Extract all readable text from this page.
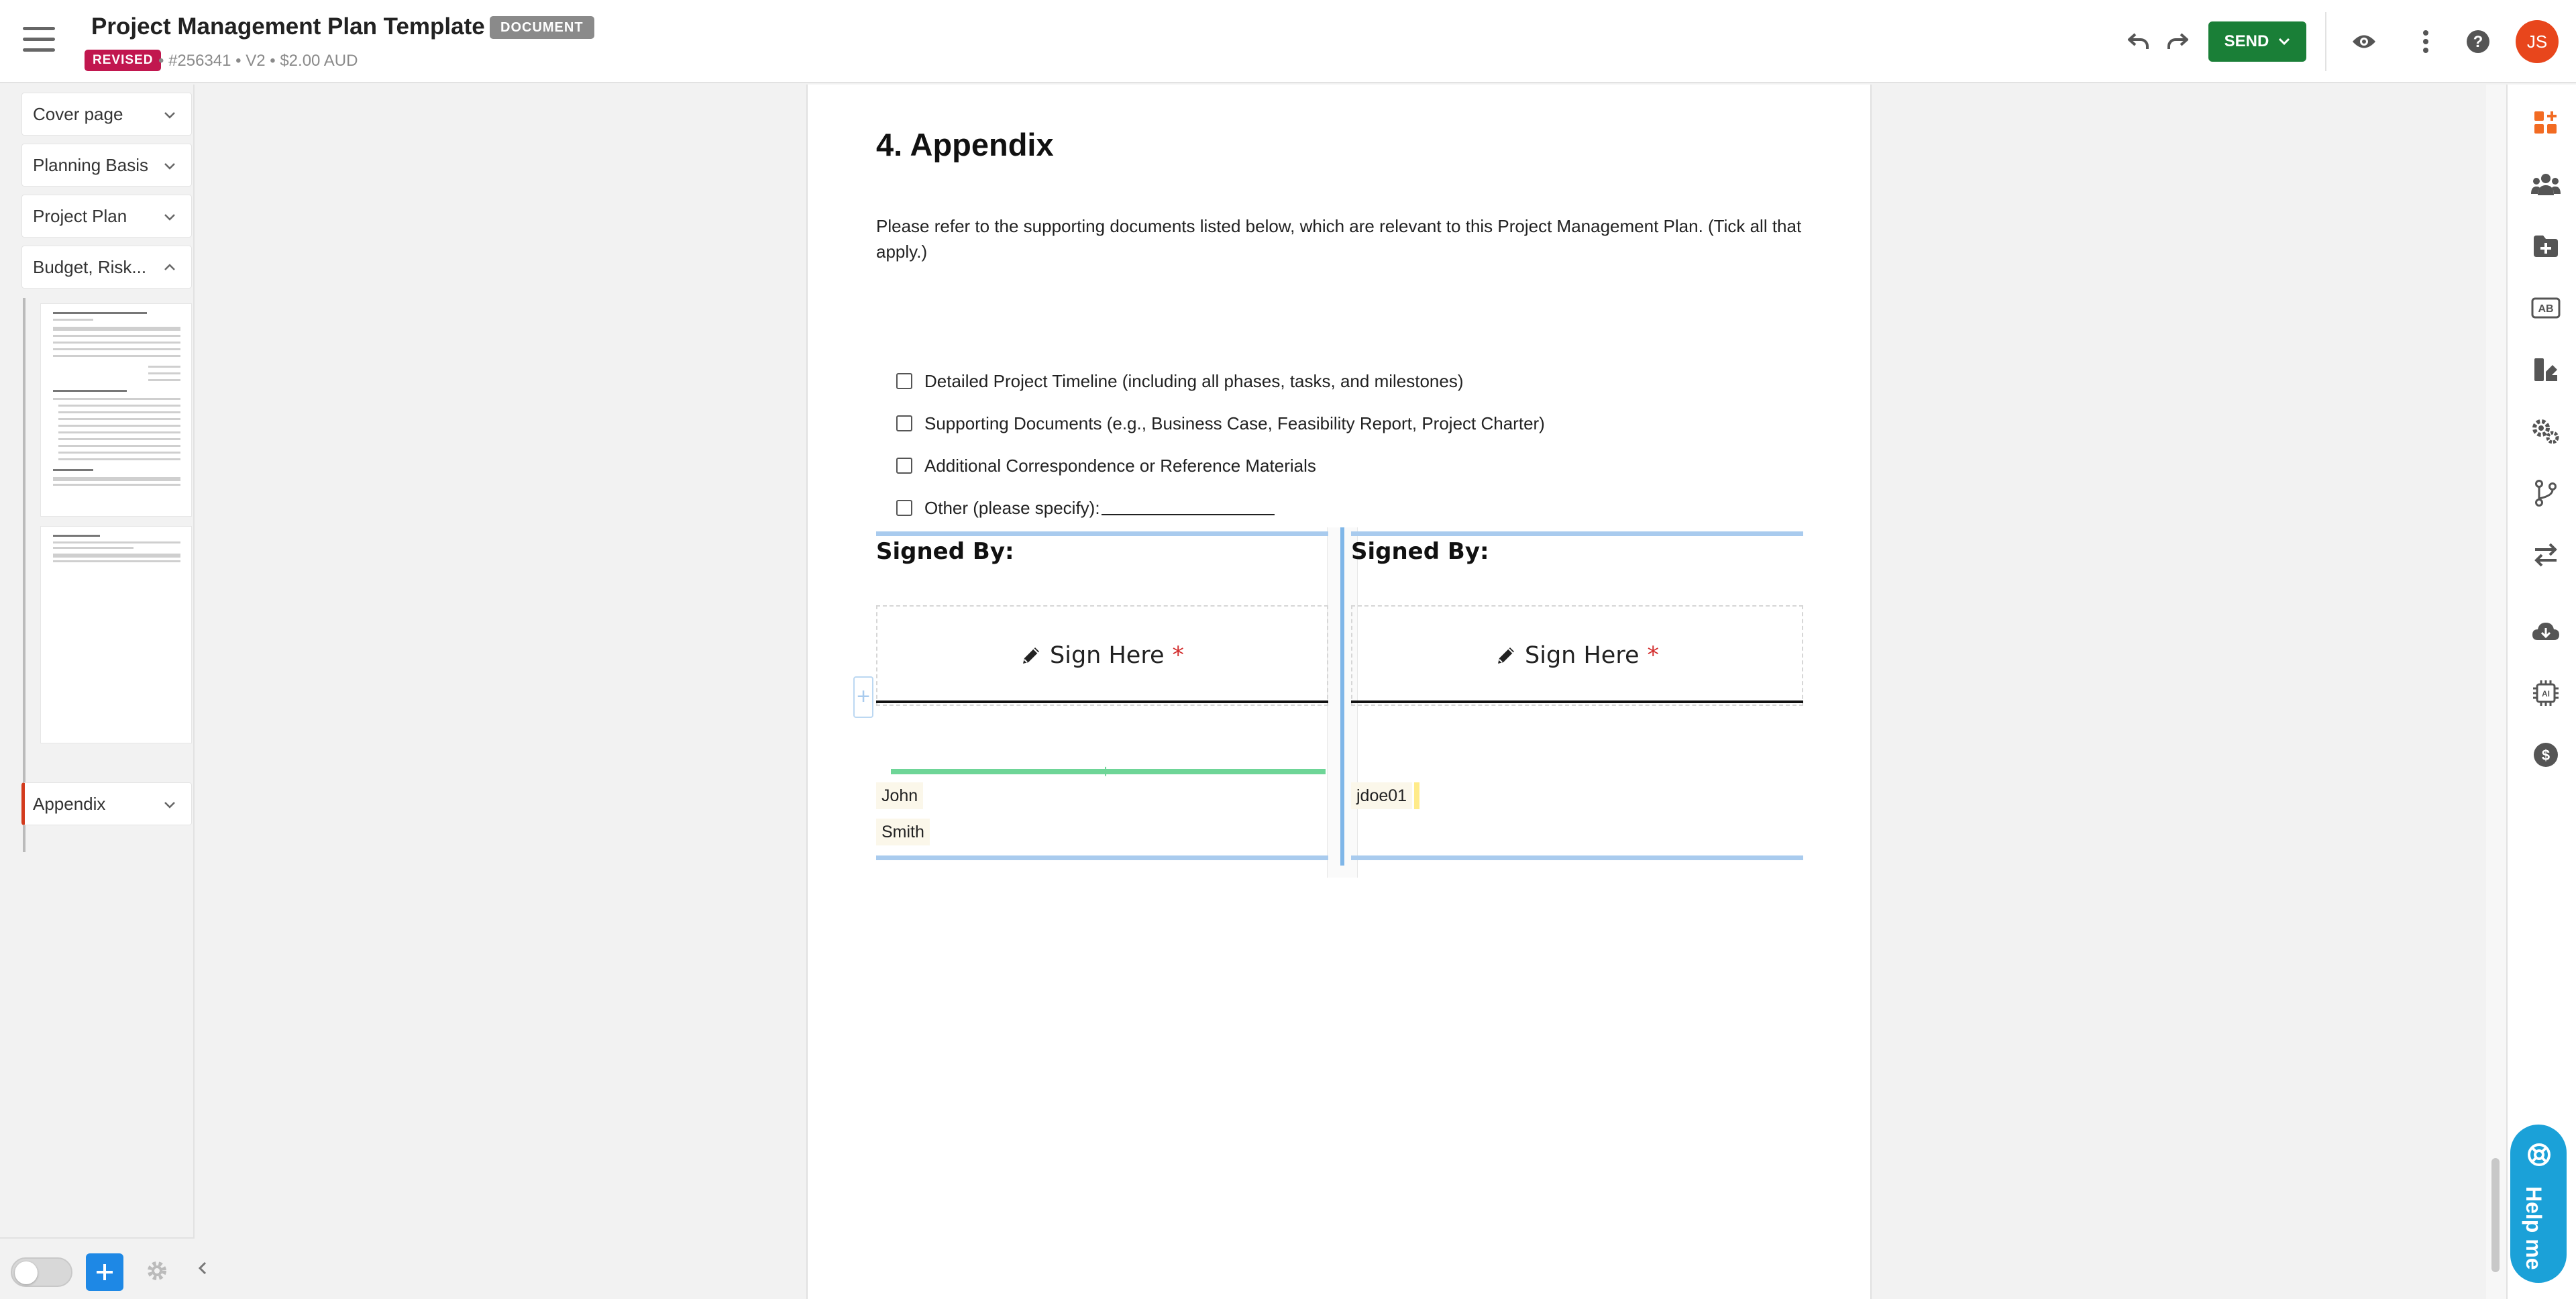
Project Management Plan Template	DOCUMENT
REVISED • #256341 • V2 • $2.00 AUD
SEND	?	JS
Cover page
Planning Basis
Project Plan
Budget, Risk...
Appendix
4. Appendix
Please refer to the supporting documents listed below, which are relevant to this Project Management Plan. (Tick all that apply.)
Detailed Project Timeline (including all phases, tasks, and milestones)
Supporting Documents (e.g., Business Case, Feasibility Report, Project Charter)
Additional Correspondence or Reference Materials
Other (please specify):
+
Signed By:
Sign Here *
+
John
Smith
Signed By:
Sign Here *
jdoe01
AB
AI
$
Help me
